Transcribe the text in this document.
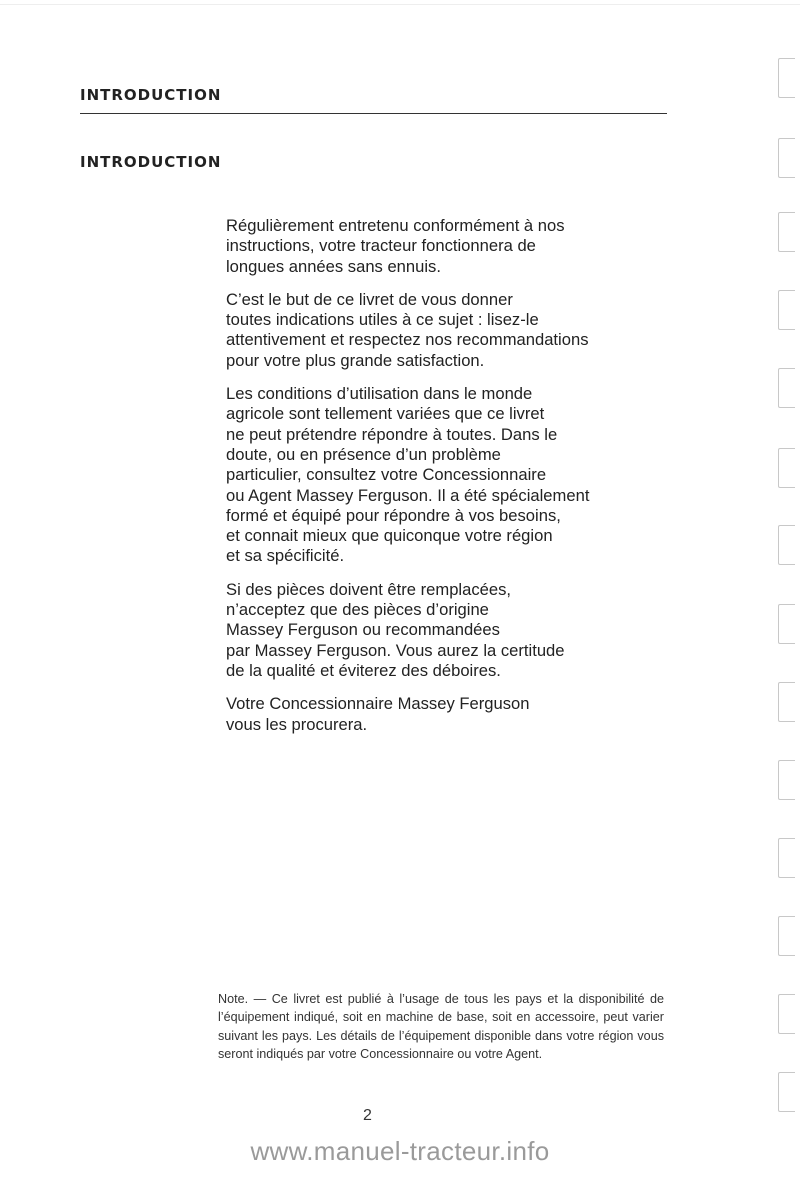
INTRODUCTION
INTRODUCTION

Régulièrement entretenu conformément à nos
instructions, votre tracteur fonctionnera de
longues années sans ennuis.

C’est le but de ce livret de vous donner
toutes indications utiles à ce sujet : lisez-le
attentivement et respectez nos recommandations
pour votre plus grande satisfaction.

Les conditions d’utilisation dans le monde
agricole sont tellement variées que ce livret
ne peut prétendre répondre à toutes. Dans le
doute, ou en présence d’un problème
particulier, consultez votre Concessionnaire
ou Agent Massey Ferguson. Il a été spécialement
formé et équipé pour répondre à vos besoins,
et connait mieux que quiconque votre région
et sa spécificité.

Si des pièces doivent être remplacées,
n’acceptez que des pièces d’origine
Massey Ferguson ou recommandées
par Massey Ferguson. Vous aurez la certitude
de la qualité et éviterez des déboires.

Votre Concessionnaire Massey Ferguson
vous les procurera.

Note. — Ce livret est publié à l’usage de tous les pays et la disponibilité de l’équipement indiqué, soit en machine de base, soit en accessoire, peut varier suivant les pays. Les détails de l’équipement disponible dans votre région vous seront indiqués par votre Concessionnaire ou votre Agent.
2
www.manuel-tracteur.info
